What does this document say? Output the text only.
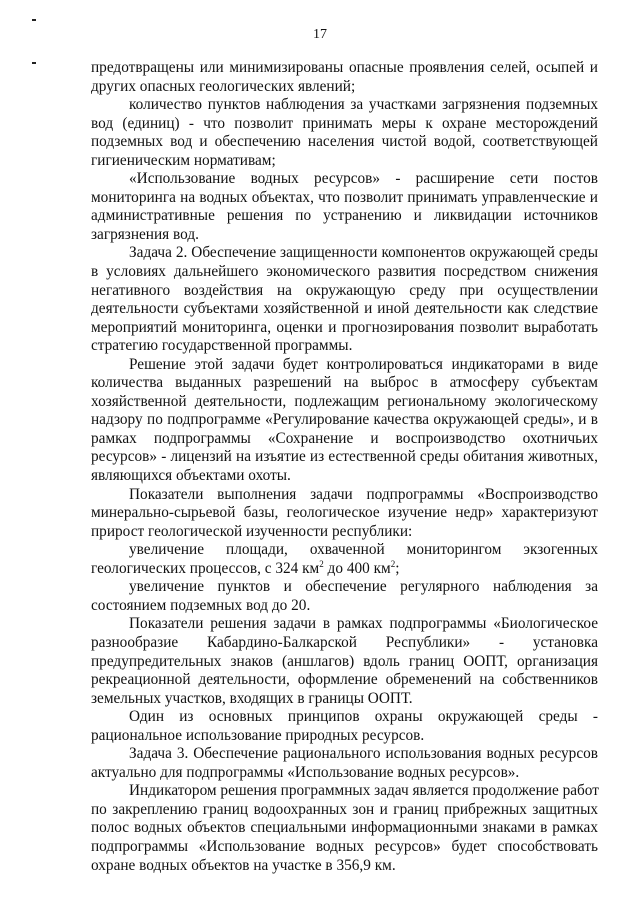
17
предотвращены или минимизированы опасные проявления селей, осыпей и
других опасных геологических явлений;
количество пунктов наблюдения за участками загрязнения подземных
вод (единиц) - что позволит принимать меры к охране месторождений
подземных вод и обеспечению населения чистой водой, соответствующей
гигиеническим нормативам;
«Использование водных ресурсов» - расширение сети постов
мониторинга на водных объектах, что позволит принимать управленческие и
административные решения по устранению и ликвидации источников
загрязнения вод.
Задача 2. Обеспечение защищенности компонентов окружающей среды
в условиях дальнейшего экономического развития посредством снижения
негативного воздействия на окружающую среду при осуществлении
деятельности субъектами хозяйственной и иной деятельности как следствие
мероприятий мониторинга, оценки и прогнозирования позволит выработать
стратегию государственной программы.
Решение этой задачи будет контролироваться индикаторами в виде
количества выданных разрешений на выброс в атмосферу субъектам
хозяйственной деятельности, подлежащим региональному экологическому
надзору по подпрограмме «Регулирование качества окружающей среды», и в
рамках подпрограммы «Сохранение и воспроизводство охотничьих
ресурсов» - лицензий на изъятие из естественной среды обитания животных,
являющихся объектами охоты.
Показатели выполнения задачи подпрограммы «Воспроизводство
минерально-сырьевой базы, геологическое изучение недр» характеризуют
прирост геологической изученности республики:
увеличение площади, охваченной мониторингом экзогенных
геологических процессов, с 324 $км^2$ до 400 $км^2$;
увеличение пунктов и обеспечение регулярного наблюдения за
состоянием подземных вод до 20.
Показатели решения задачи в рамках подпрограммы «Биологическое
разнообразие Кабардино-Балкарской Республики» - установка
предупредительных знаков (аншлагов) вдоль границ ООПТ, организация
рекреационной деятельности, оформление обременений на собственников
земельных участков, входящих в границы ООПТ.
Один из основных принципов охраны окружающей среды -
рациональное использование природных ресурсов.
Задача 3. Обеспечение рационального использования водных ресурсов
актуально для подпрограммы «Использование водных ресурсов».
Индикатором решения программных задач является продолжение работ
по закреплению границ водоохранных зон и границ прибрежных защитных
полос водных объектов специальными информационными знаками в рамках
подпрограммы «Использование водных ресурсов» будет способствовать
охране водных объектов на участке в 356,9 км.
